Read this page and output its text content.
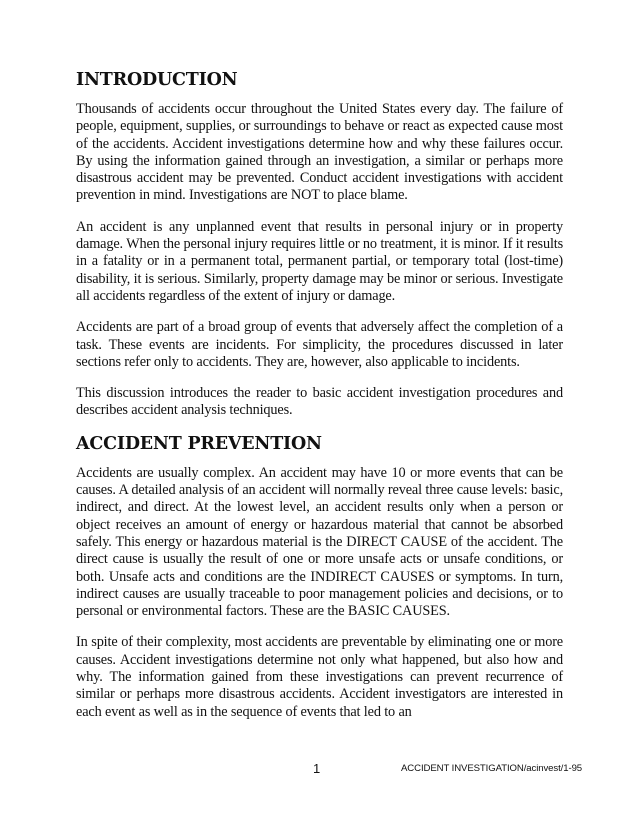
INTRODUCTION

Thousands of accidents occur throughout the United States every day. The failure of people, equipment, supplies, or surroundings to behave or react as expected cause most of the accidents. Accident investigations determine how and why these failures occur. By using the information gained through an investigation, a similar or perhaps more disastrous accident may be prevented. Conduct accident investigations with accident prevention in mind. Investigations are NOT to place blame.

An accident is any unplanned event that results in personal injury or in property damage. When the personal injury requires little or no treatment, it is minor. If it results in a fatality or in a permanent total, permanent partial, or temporary total (lost-time) disability, it is serious. Similarly, property damage may be minor or serious. Investigate all accidents regardless of the extent of injury or damage.

Accidents are part of a broad group of events that adversely affect the completion of a task. These events are incidents. For simplicity, the procedures discussed in later sections refer only to accidents. They are, however, also applicable to incidents.

This discussion introduces the reader to basic accident investigation procedures and describes accident analysis techniques.

ACCIDENT PREVENTION

Accidents are usually complex. An accident may have 10 or more events that can be causes. A detailed analysis of an accident will normally reveal three cause levels: basic, indirect, and direct. At the lowest level, an accident results only when a person or object receives an amount of energy or hazardous material that cannot be absorbed safely. This energy or hazardous material is the DIRECT CAUSE of the accident. The direct cause is usually the result of one or more unsafe acts or unsafe conditions, or both. Unsafe acts and conditions are the INDIRECT CAUSES or symptoms. In turn, indirect causes are usually traceable to poor management policies and decisions, or to personal or environmental factors. These are the BASIC CAUSES.

In spite of their complexity, most accidents are preventable by eliminating one or more causes. Accident investigations determine not only what happened, but also how and why. The information gained from these investigations can prevent recurrence of similar or perhaps more disastrous accidents. Accident investigators are interested in each event as well as in the sequence of events that led to an

1	ACCIDENT INVESTIGATION/acinvest/1-95
